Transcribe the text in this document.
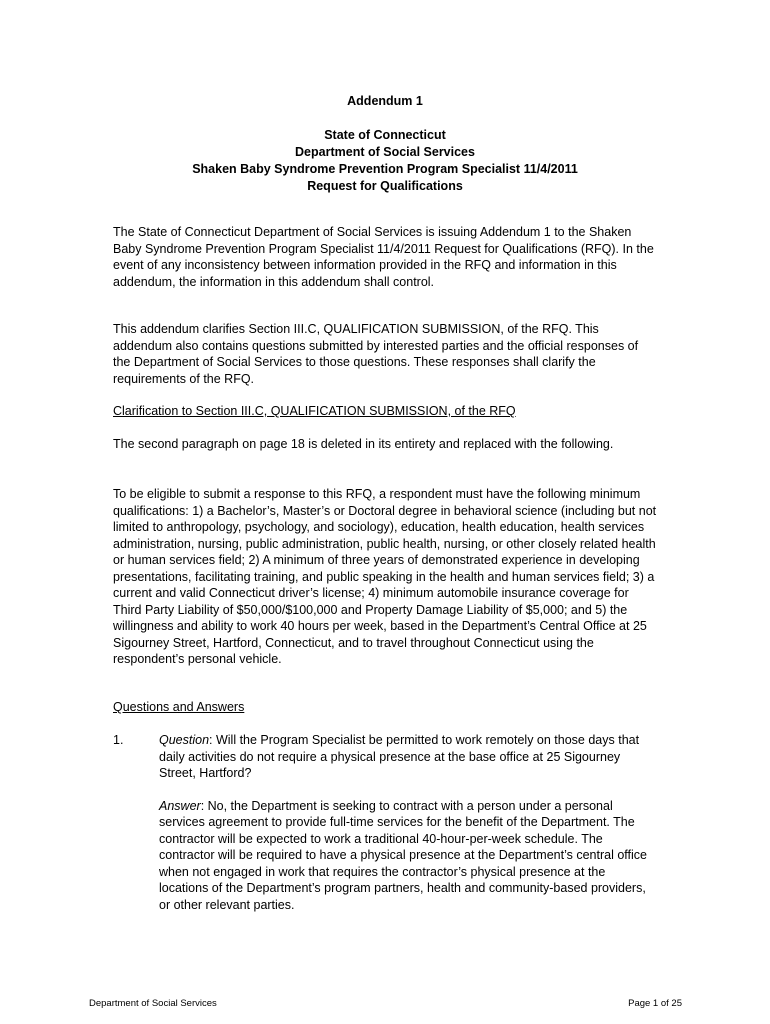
Addendum 1
State of Connecticut
Department of Social Services
Shaken Baby Syndrome Prevention Program Specialist 11/4/2011
Request for Qualifications

The State of Connecticut Department of Social Services is issuing Addendum 1 to the Shaken Baby Syndrome Prevention Program Specialist 11/4/2011 Request for Qualifications (RFQ). In the event of any inconsistency between information provided in the RFQ and information in this addendum, the information in this addendum shall control.

This addendum clarifies Section III.C, QUALIFICATION SUBMISSION, of the RFQ. This addendum also contains questions submitted by interested parties and the official responses of the Department of Social Services to those questions. These responses shall clarify the requirements of the RFQ.

Clarification to Section III.C, QUALIFICATION SUBMISSION, of the RFQ

The second paragraph on page 18 is deleted in its entirety and replaced with the following.

To be eligible to submit a response to this RFQ, a respondent must have the following minimum qualifications: 1) a Bachelor’s, Master’s or Doctoral degree in behavioral science (including but not limited to anthropology, psychology, and sociology), education, health education, health services administration, nursing, public administration, public health, nursing, or other closely related health or human services field; 2) A minimum of three years of demonstrated experience in developing presentations, facilitating training, and public speaking in the health and human services field; 3) a current and valid Connecticut driver’s license; 4) minimum automobile insurance coverage for Third Party Liability of $50,000/$100,000 and Property Damage Liability of $5,000; and 5) the willingness and ability to work 40 hours per week, based in the Department’s Central Office at 25 Sigourney Street, Hartford, Connecticut, and to travel throughout Connecticut using the respondent’s personal vehicle.

Questions and Answers

1.	Question: Will the Program Specialist be permitted to work remotely on those days that daily activities do not require a physical presence at the base office at 25 Sigourney Street, Hartford?

Answer: No, the Department is seeking to contract with a person under a personal services agreement to provide full-time services for the benefit of the Department. The contractor will be expected to work a traditional 40-hour-per-week schedule. The contractor will be required to have a physical presence at the Department’s central office when not engaged in work that requires the contractor’s physical presence at the locations of the Department’s program partners, health and community-based providers, or other relevant parties.

Department of Social Services	Page 1 of 25
